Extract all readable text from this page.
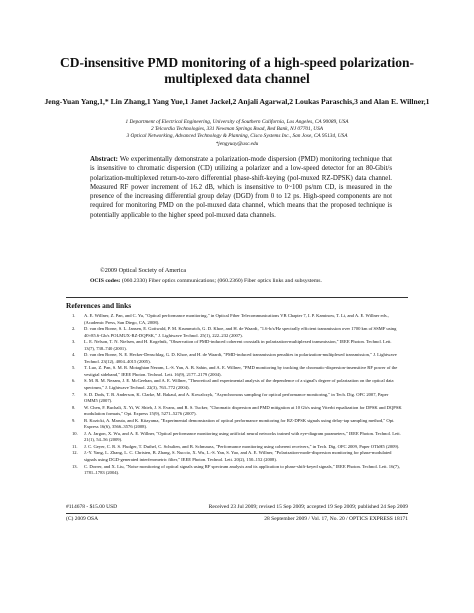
CD-insensitive PMD monitoring of a high-speed polarization-multiplexed data channel
Jeng-Yuan Yang,1,* Lin Zhang,1 Yang Yue,1 Janet Jackel,2 Anjali Agarwal,2 Loukas Paraschis,3 and Alan E. Willner,1
1 Department of Electrical Engineering, University of Southern California, Los Angeles, CA 90089, USA
2 Telcordia Technologies, 331 Newman Springs Road, Red Bank, NJ 07701, USA
3 Optical Networking, Advanced Technology & Planning, Cisco Systems Inc., San Jose, CA 95134, USA
*jengyuay@usc.edu
Abstract: We experimentally demonstrate a polarization-mode dispersion (PMD) monitoring technique that is insensitive to chromatic dispersion (CD) utilizing a polarizer and a low-speed detector for an 80-Gbit/s polarization-multiplexed return-to-zero differential phase-shift-keying (pol-muxed RZ-DPSK) data channel. Measured RF power increment of 16.2 dB, which is insensitive to 0~100 ps/nm CD, is measured in the presence of the increasing differential group delay (DGD) from 0 to 12 ps. High-speed components are not required for monitoring PMD on the pol-muxed data channel, which means that the proposed technique is potentially applicable to the higher speed pol-muxed data channels.
©2009 Optical Society of America
OCIS codes: (060.2330) Fiber optics communications; (060.2360) Fiber optics links and subsystems.
References and links
1. A. E. Willner, Z. Pan, and C. Yu, "Optical performance monitoring," in Optical Fiber Telecommunications VB Chapter 7, I. P. Kaminow, T. Li, and A. E. Willner eds., (Academic Press, San Diego, CA, 2008).
2. D. van den Borne, S. L. Jansen, E. Gottwald, P. M. Krummrich, G. D. Khoe, and H. de Waardt, "1.6-b/s/Hz spectrally efficient transmission over 1700 km of SSMF using 40×85.6-Gb/s POLMUX-RZ-DQPSK," J. Lightwave Technol. 25(1), 222–232 (2007).
3. L. E. Nelson, T. N. Nielsen, and H. Kogelnik, "Observation of PMD-induced coherent crosstalk in polarization-multiplexed transmission," IEEE Photon. Technol. Lett. 13(7), 738–740 (2001).
4. D. van den Borne, N. E. Hecker-Denschlag, G. D. Khoe, and H. de Waardt, "PMD-induced transmission penalties in polarization-multiplexed transmission," J. Lightwave Technol. 23(12), 4004–4015 (2005).
5. T. Luo, Z. Pan, S. M. R. Motaghian Nezam, L.-S. Yan, A. B. Sahin, and A. E. Willner, "PMD monitoring by tracking the chromatic-dispersion-insensitive RF power of the vestigial sideband," IEEE Photon. Technol. Lett. 16(9), 2177–2179 (2004).
6. S. M. R. M. Nezam, J. E. McGeehan, and A. E. Willner, "Theoretical and experimental analysis of the dependence of a signal's degree of polarization on the optical data spectrum," J. Lightwave Technol. 22(3), 763–772 (2004).
7. S. D. Dods, T. B. Anderson, K. Clarke, M. Bakaul, and A. Kowalczyk, "Asynchronous sampling for optical performance monitoring," in Tech. Dig. OFC 2007, Paper OMM5 (2007).
8. W. Chen, F. Buchali, X. Yi, W. Shieh, J. S. Evans, and R. S. Tucker, "Chromatic dispersion and PMD mitigation at 10 Gb/s using Viterbi equalization for DPSK and DQPSK modulation formats," Opt. Express 15(9), 5271–5276 (2007).
9. B. Kozicki, A. Maruta, and K. Kitayama, "Experimental demonstration of optical performance monitoring for RZ-DPSK signals using delay-tap sampling method," Opt. Express 16(6), 3566–3576 (2008).
10. J. A. Jargon, X. Wu, and A. E. Willner, "Optical performance monitoring using artificial neural networks trained with eye-diagram parameters," IEEE Photon. Technol. Lett. 21(1), 54–56 (2009).
11. J. C. Geyer, C. R. S. Fludger, T. Duthel, C. Schulien, and B. Schmauss, "Performance monitoring using coherent receivers," in Tech. Dig. OFC 2009, Paper OThH5 (2009).
12. J.-Y. Yang, L. Zhang, L. C. Christen, B. Zhang, S. Nuccio, X. Wu, L.-S. Yan, S. Yao, and A. E. Willner, "Polarization-mode-dispersion monitoring for phase-modulated signals using DGD-generated interferometric filter," IEEE Photon. Technol. Lett. 20(2), 150–152 (2008).
13. C. Dorrer, and X. Liu, "Noise monitoring of optical signals using RF spectrum analysis and its application to phase-shift-keyed signals," IEEE Photon. Technol. Lett. 16(7), 1781–1783 (2004).
#114678 - $15.00 USD	Received 23 Jul 2009; revised 15 Sep 2009; accepted 19 Sep 2009; published 24 Sep 2009
(C) 2009 OSA	28 September 2009 / Vol. 17, No. 20 / OPTICS EXPRESS 18171
